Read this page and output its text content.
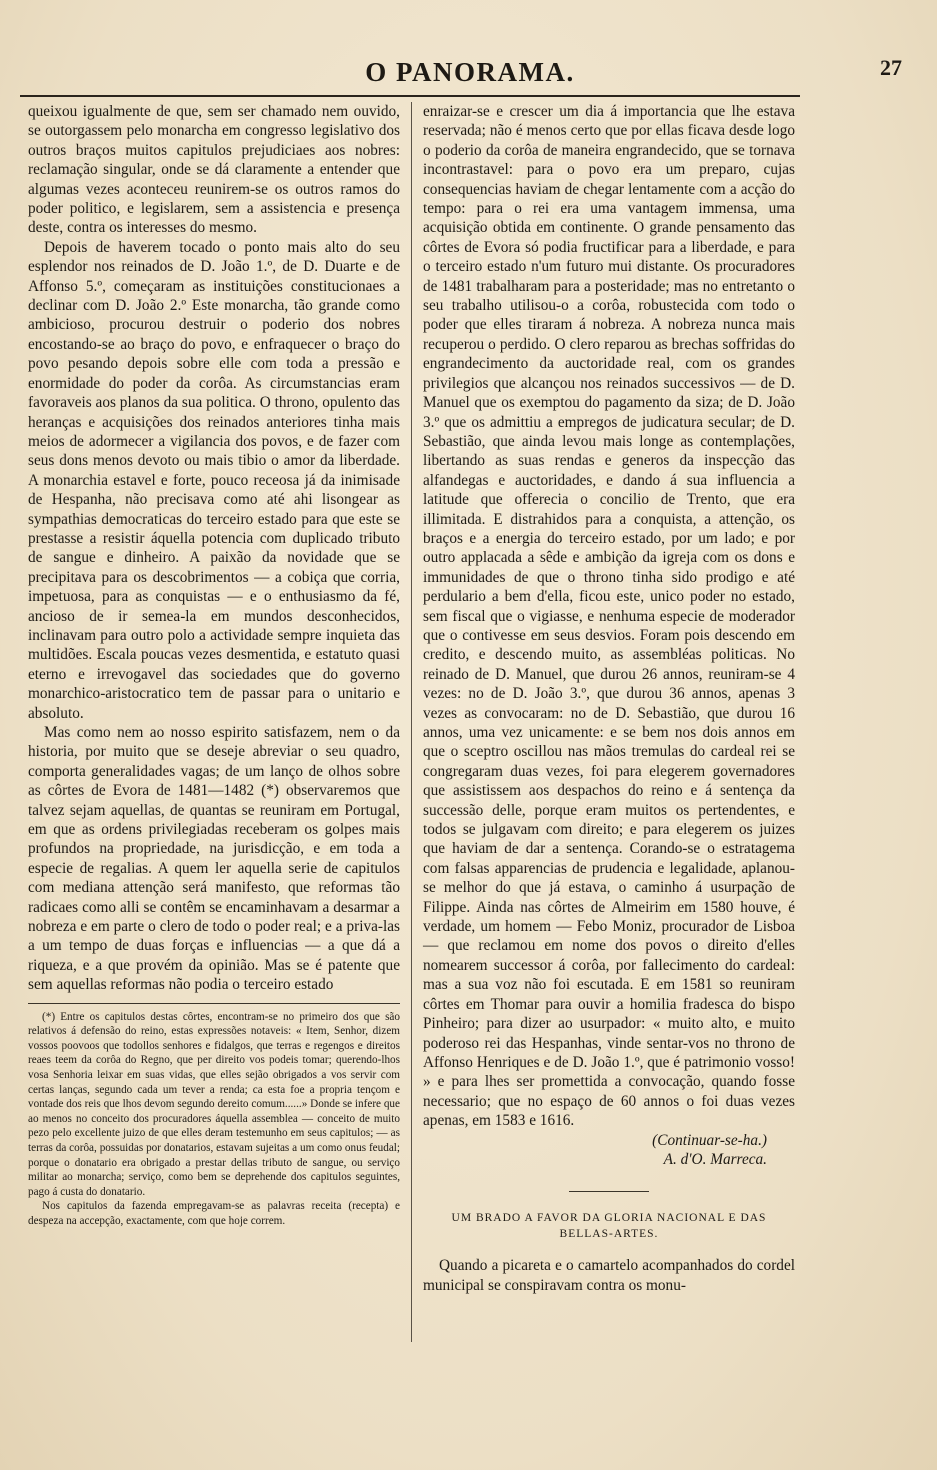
O PANORAMA.	27

queixou igualmente de que, sem ser chamado nem ouvido, se outorgassem pelo monarcha em congresso legislativo dos outros braços muitos capitulos prejudiciaes aos nobres: reclamação singular, onde se dá claramente a entender que algumas vezes aconteceu reunirem-se os outros ramos do poder politico, e legislarem, sem a assistencia e presença deste, contra os interesses do mesmo.

Depois de haverem tocado o ponto mais alto do seu esplendor nos reinados de D. João 1.º, de D. Duarte e de Affonso 5.º, começaram as instituições constitucionaes a declinar com D. João 2.º Este monarcha, tão grande como ambicioso, procurou destruir o poderio dos nobres encostando-se ao braço do povo, e enfraquecer o braço do povo pesando depois sobre elle com toda a pressão e enormidade do poder da corôa. As circumstancias eram favoraveis aos planos da sua politica. O throno, opulento das heranças e acquisições dos reinados anteriores tinha mais meios de adormecer a vigilancia dos povos, e de fazer com seus dons menos devoto ou mais tibio o amor da liberdade. A monarchia estavel e forte, pouco receosa já da inimisade de Hespanha, não precisava como até ahi lisongear as sympathias democraticas do terceiro estado para que este se prestasse a resistir áquella potencia com duplicado tributo de sangue e dinheiro. A paixão da novidade que se precipitava para os descobrimentos — a cobiça que corria, impetuosa, para as conquistas — e o enthusiasmo da fé, ancioso de ir semea-la em mundos desconhecidos, inclinavam para outro polo a actividade sempre inquieta das multidões. Escala poucas vezes desmentida, e estatuto quasi eterno e irrevogavel das sociedades que do governo monarchico-aristocratico tem de passar para o unitario e absoluto.

Mas como nem ao nosso espirito satisfazem, nem o da historia, por muito que se deseje abreviar o seu quadro, comporta generalidades vagas; de um lanço de olhos sobre as côrtes de Evora de 1481—1482 (*) observaremos que talvez sejam aquellas, de quantas se reuniram em Portugal, em que as ordens privilegiadas receberam os golpes mais profundos na propriedade, na jurisdicção, e em toda a especie de regalias. A quem ler aquella serie de capitulos com mediana attenção será manifesto, que reformas tão radicaes como alli se contêm se encaminhavam a desarmar a nobreza e em parte o clero de todo o poder real; e a priva-las a um tempo de duas forças e influencias — a que dá a riqueza, e a que provém da opinião. Mas se é patente que sem aquellas reformas não podia o terceiro estado

(*) Entre os capitulos destas côrtes, encontram-se no primeiro dos que são relativos á defensão do reino, estas expressões notaveis: « Item, Senhor, dizem vossos poovoos que todollos senhores e fidalgos, que terras e regengos e direitos reaes teem da corôa do Regno, que per direito vos podeis tomar; querendo-lhos vosa Senhoria leixar em suas vidas, que elles sejão obrigados a vos servir com certas lanças, segundo cada um tever a renda; ca esta foe a propria tençom e vontade dos reis que lhos devom segundo dereito comum......» Donde se infere que ao menos no conceito dos procuradores áquella assemblea — conceito de muito pezo pelo excellente juizo de que elles deram testemunho em seus capitulos; — as terras da corôa, possuidas por donatarios, estavam sujeitas a um como onus feudal; porque o donatario era obrigado a prestar dellas tributo de sangue, ou serviço militar ao monarcha; serviço, como bem se deprehende dos capitulos seguintes, pago á custa do donatario.

Nos capitulos da fazenda empregavam-se as palavras receita (recepta) e despeza na accepção, exactamente, com que hoje correm.

enraizar-se e crescer um dia á importancia que lhe estava reservada; não é menos certo que por ellas ficava desde logo o poderio da corôa de maneira engrandecido, que se tornava incontrastavel: para o povo era um preparo, cujas consequencias haviam de chegar lentamente com a acção do tempo: para o rei era uma vantagem immensa, uma acquisição obtida em continente. O grande pensamento das côrtes de Evora só podia fructificar para a liberdade, e para o terceiro estado n'um futuro mui distante. Os procuradores de 1481 trabalharam para a posteridade; mas no entretanto o seu trabalho utilisou-o a corôa, robustecida com todo o poder que elles tiraram á nobreza. A nobreza nunca mais recuperou o perdido. O clero reparou as brechas soffridas do engrandecimento da auctoridade real, com os grandes privilegios que alcançou nos reinados successivos — de D. Manuel que os exemptou do pagamento da siza; de D. João 3.º que os admittiu a empregos de judicatura secular; de D. Sebastião, que ainda levou mais longe as contemplações, libertando as suas rendas e generos da inspecção das alfandegas e auctoridades, e dando á sua influencia a latitude que offerecia o concilio de Trento, que era illimitada. E distrahidos para a conquista, a attenção, os braços e a energia do terceiro estado, por um lado; e por outro applacada a sêde e ambição da igreja com os dons e immunidades de que o throno tinha sido prodigo e até perdulario a bem d'ella, ficou este, unico poder no estado, sem fiscal que o vigiasse, e nenhuma especie de moderador que o contivesse em seus desvios. Foram pois descendo em credito, e descendo muito, as assembléas politicas. No reinado de D. Manuel, que durou 26 annos, reuniram-se 4 vezes: no de D. João 3.º, que durou 36 annos, apenas 3 vezes as convocaram: no de D. Sebastião, que durou 16 annos, uma vez unicamente: e se bem nos dois annos em que o sceptro oscillou nas mãos tremulas do cardeal rei se congregaram duas vezes, foi para elegerem governadores que assistissem aos despachos do reino e á sentença da successão delle, porque eram muitos os pertendentes, e todos se julgavam com direito; e para elegerem os juizes que haviam de dar a sentença. Corando-se o estratagema com falsas apparencias de prudencia e legalidade, aplanou-se melhor do que já estava, o caminho á usurpação de Filippe. Ainda nas côrtes de Almeirim em 1580 houve, é verdade, um homem — Febo Moniz, procurador de Lisboa — que reclamou em nome dos povos o direito d'elles nomearem successor á corôa, por fallecimento do cardeal: mas a sua voz não foi escutada. E em 1581 so reuniram côrtes em Thomar para ouvir a homilia fradesca do bispo Pinheiro; para dizer ao usurpador: « muito alto, e muito poderoso rei das Hespanhas, vinde sentar-vos no throno de Affonso Henriques e de D. João 1.º, que é patrimonio vosso! » e para lhes ser promettida a convocação, quando fosse necessario; que no espaço de 60 annos o foi duas vezes apenas, em 1583 e 1616.

(Continuar-se-ha.)
A. d'O. Marreca.
UM BRADO A FAVOR DA GLORIA NACIONAL E DAS BELLAS-ARTES.

Quando a picareta e o camartelo acompanhados do cordel municipal se conspiravam contra os monu-
